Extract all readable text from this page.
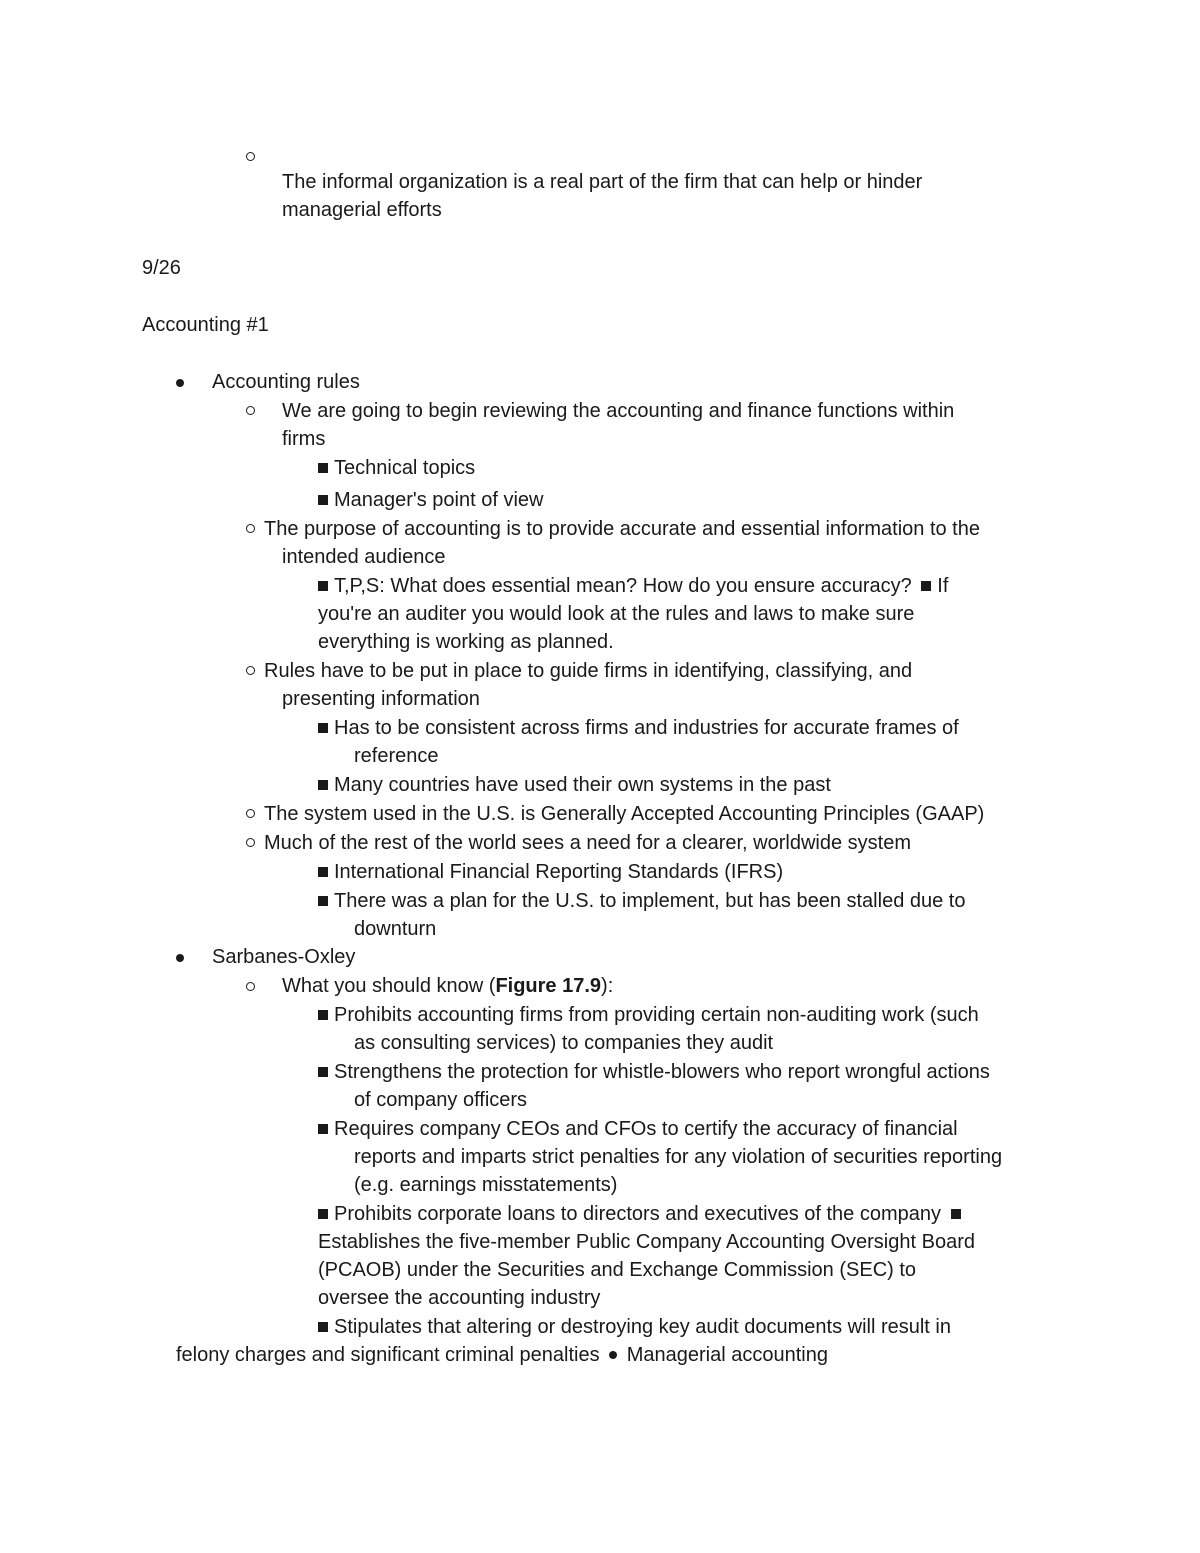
The informal organization is a real part of the firm that can help or hinder

managerial efforts

9/26

Accounting #1

Accounting rules

We are going to begin reviewing the accounting and finance functions within

firms

Technical topics

Manager's point of view

The purpose of accounting is to provide accurate and essential information to the

intended audience

T,P,S: What does essential mean? How do you ensure accuracy? If

you're an auditer you would look at the rules and laws to make sure

everything is working as planned.

Rules have to be put in place to guide firms in identifying, classifying, and

presenting information

Has to be consistent across firms and industries for accurate frames of

reference

Many countries have used their own systems in the past

The system used in the U.S. is Generally Accepted Accounting Principles (GAAP)

Much of the rest of the world sees a need for a clearer, worldwide system

International Financial Reporting Standards (IFRS)

There was a plan for the U.S. to implement, but has been stalled due to

downturn

Sarbanes-Oxley

What you should know (Figure 17.9):

Prohibits accounting firms from providing certain non-auditing work (such

as consulting services) to companies they audit

Strengthens the protection for whistle-blowers who report wrongful actions

of company officers

Requires company CEOs and CFOs to certify the accuracy of financial

reports and imparts strict penalties for any violation of securities reporting

(e.g. earnings misstatements)

Prohibits corporate loans to directors and executives of the company

Establishes the five-member Public Company Accounting Oversight Board

(PCAOB) under the Securities and Exchange Commission (SEC) to

oversee the accounting industry

Stipulates that altering or destroying key audit documents will result in

felony charges and significant criminal penalties Managerial accounting
